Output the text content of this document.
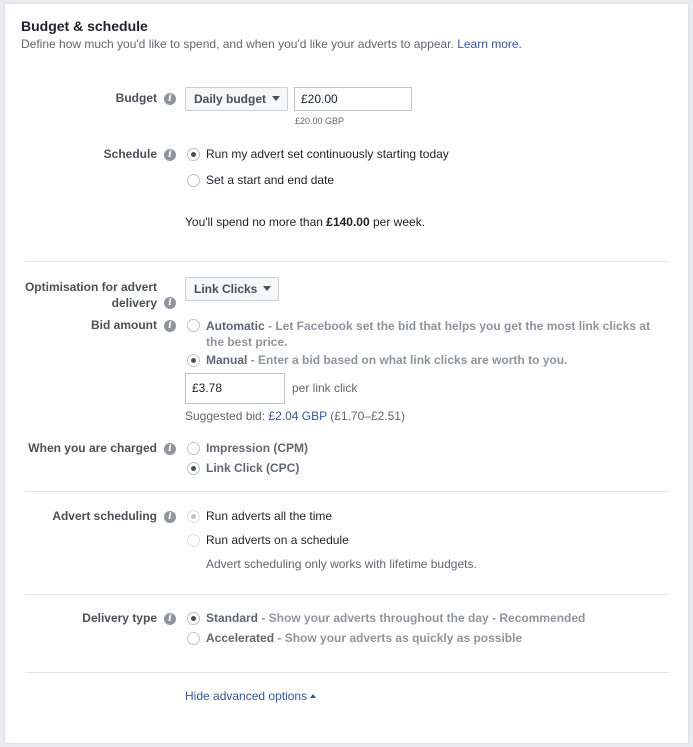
Budget & schedule
Define how much you'd like to spend, and when you'd like your adverts to appear. Learn more.
Budget	i	Daily budget	£20.00
£20.00 GBP
Schedule	i	Run my advert set continuously starting today
Set a start and end date
You'll spend no more than £140.00 per week.
Optimisation for advert
delivery	i
Link Clicks
Bid amount	i	Automatic - Let Facebook set the bid that helps you get the most link clicks at
the best price.
Manual - Enter a bid based on what link clicks are worth to you.
£3.78	per link click
Suggested bid: £2.04 GBP (£1.70–£2.51)
When you are charged	i	Impression (CPM)
Link Click (CPC)
Advert scheduling	i	Run adverts all the time
Run adverts on a schedule
Advert scheduling only works with lifetime budgets.
Delivery type	i	Standard - Show your adverts throughout the day - Recommended
Accelerated - Show your adverts as quickly as possible
Hide advanced options
